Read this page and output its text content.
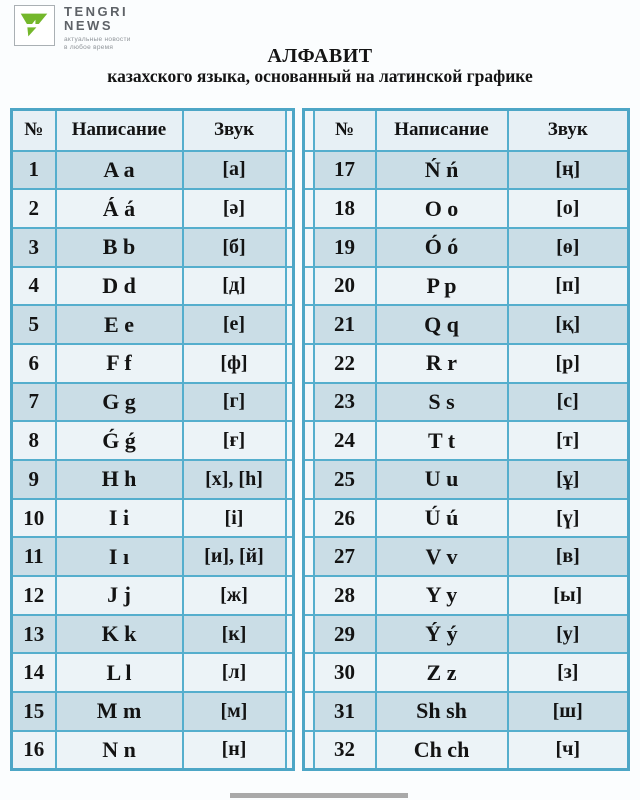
TENGRI
NEWS
актуальные новости
в любое время	АЛФАВИТ
казахского языка, основанный на латинской графике
№	Написание	Звук	
1	A a	[а]	
2	Á á	[ə]	
3	B b	[б]	
4	D d	[д]	
5	E e	[е]	
6	F f	[ф]	
7	G g	[г]	
8	Ǵ ǵ	[ғ]	
9	H h	[х], [h]	
10	I i	[i]	
11	I ı	[и], [й]	
12	J j	[ж]	
13	K k	[к]	
14	L l	[л]	
15	M m	[м]	
16	N n	[н]	
	№	Написание	Звук
	17	Ń ń	[ң]
	18	O o	[о]
	19	Ó ó	[ө]
	20	P p	[п]
	21	Q q	[қ]
	22	R r	[р]
	23	S s	[с]
	24	T t	[т]
	25	U u	[ұ]
	26	Ú ú	[ү]
	27	V v	[в]
	28	Y y	[ы]
	29	Ý ý	[у]
	30	Z z	[з]
	31	Sh sh	[ш]
	32	Ch ch	[ч]
